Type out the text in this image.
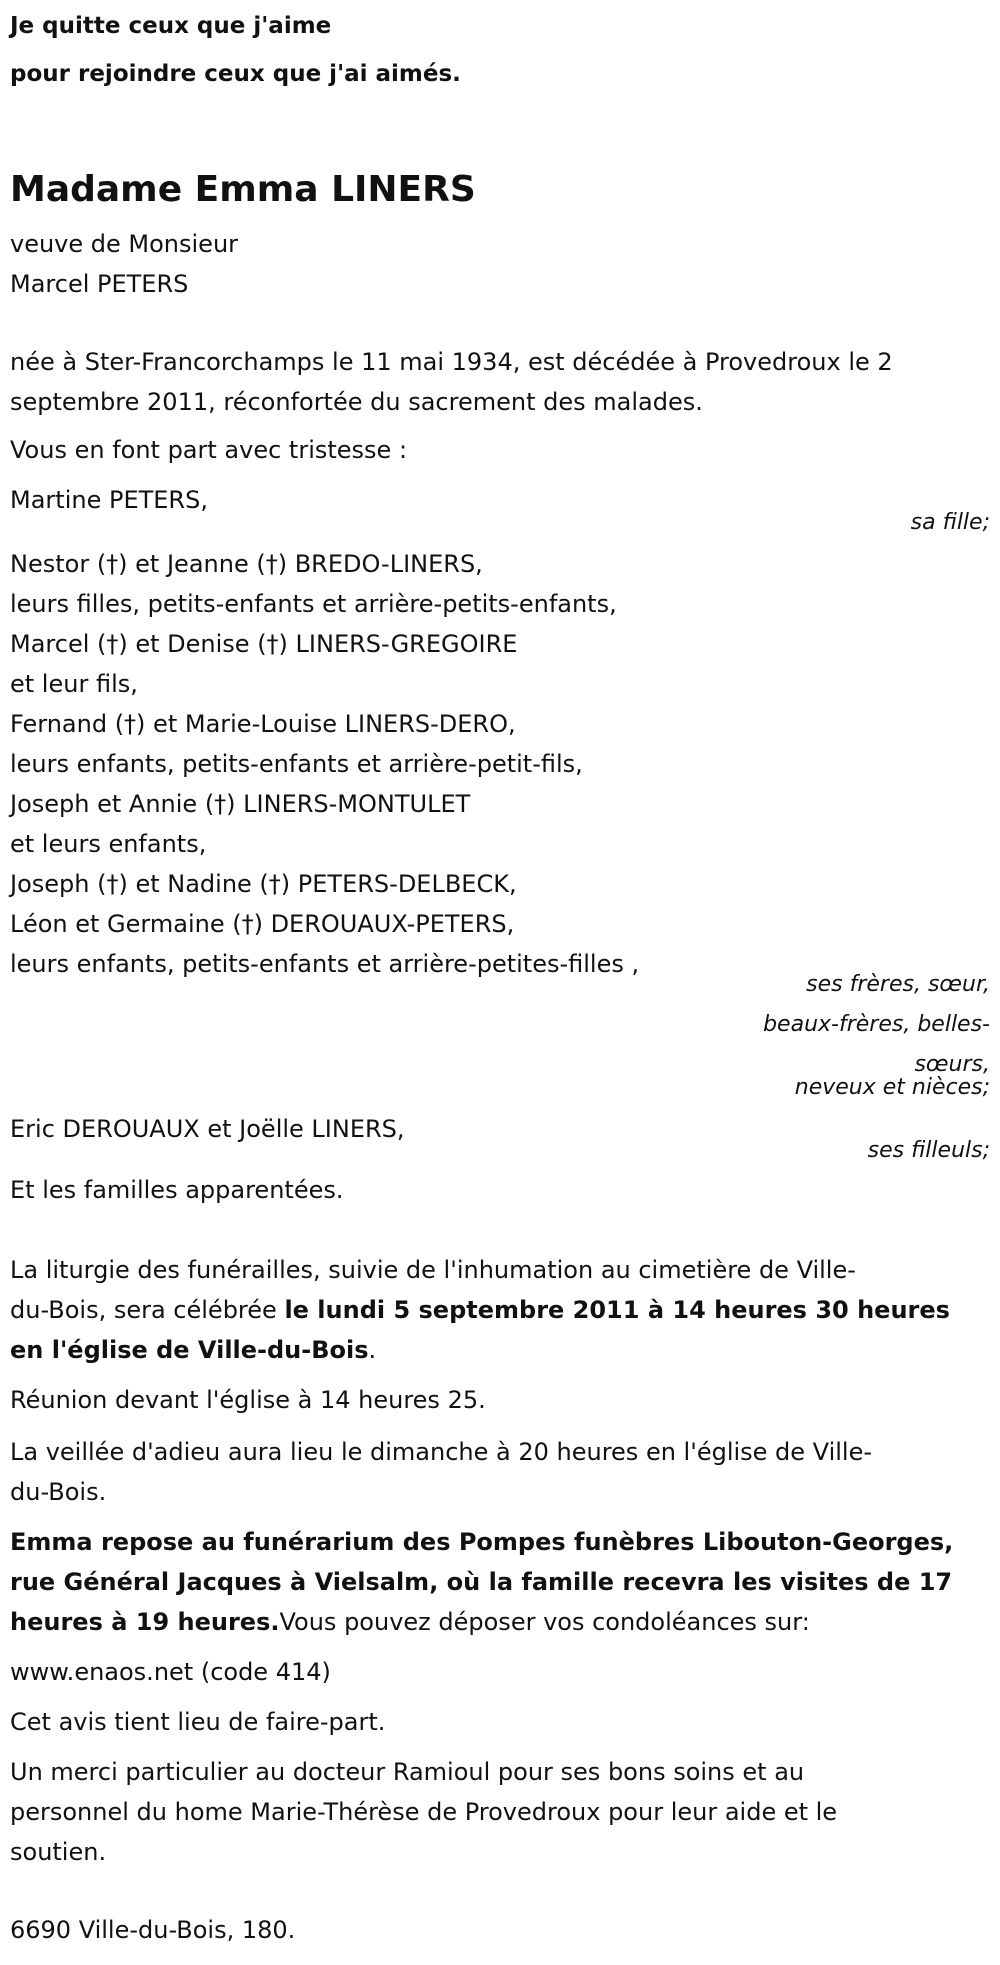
Je quitte ceux que j'aime
pour rejoindre ceux que j'ai aimés.
Madame Emma LINERS
veuve de Monsieur
Marcel PETERS
née à Ster-Francorchamps le 11 mai 1934, est décédée à Provedroux le 2
septembre 2011, réconfortée du sacrement des malades.
Vous en font part avec tristesse :
Martine PETERS,
sa fille;
Nestor (†) et Jeanne (†) BREDO-LINERS,
leurs filles, petits-enfants et arrière-petits-enfants,
Marcel (†) et Denise (†) LINERS-GREGOIRE
et leur fils,
Fernand (†) et Marie-Louise LINERS-DERO,
leurs enfants, petits-enfants et arrière-petit-fils,
Joseph et Annie (†) LINERS-MONTULET
et leurs enfants,
Joseph (†) et Nadine (†) PETERS-DELBECK,
Léon et Germaine (†) DEROUAUX-PETERS,
leurs enfants, petits-enfants et arrière-petites-filles ,
ses frères, sœur,
beaux-frères, belles-
sœurs,
neveux et nièces;
Eric DEROUAUX et Joëlle LINERS,
ses filleuls;
Et les familles apparentées.
La liturgie des funérailles, suivie de l'inhumation au cimetière de Ville-
du-Bois, sera célébrée le lundi 5 septembre 2011 à 14 heures 30 heures
en l'église de Ville-du-Bois.
Réunion devant l'église à 14 heures 25.
La veillée d'adieu aura lieu le dimanche à 20 heures en l'église de Ville-
du-Bois.
Emma repose au funérarium des Pompes funèbres Libouton-Georges,
rue Général Jacques à Vielsalm, où la famille recevra les visites de 17
heures à 19 heures.Vous pouvez déposer vos condoléances sur:
www.enaos.net (code 414)
Cet avis tient lieu de faire-part.
Un merci particulier au docteur Ramioul pour ses bons soins et au
personnel du home Marie-Thérèse de Provedroux pour leur aide et le
soutien.
6690 Ville-du-Bois, 180.
